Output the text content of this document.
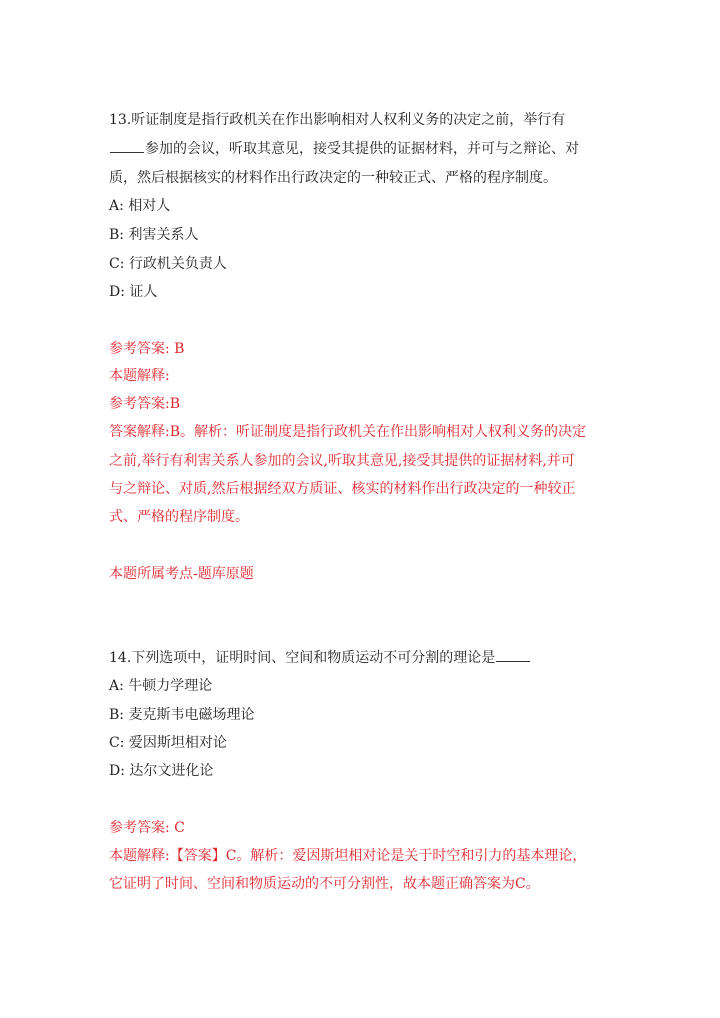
13.听证制度是指行政机关在作出影响相对人权利义务的决定之前，举行有
参加的会议，听取其意见，接受其提供的证据材料，并可与之辩论、对
质，然后根据核实的材料作出行政决定的一种较正式、严格的程序制度。
A: 相对人
B: 利害关系人
C: 行政机关负责人
D: 证人
参考答案: B
本题解释:
参考答案:B
答案解释:B。解析：听证制度是指行政机关在作出影响相对人权利义务的决定
之前,举行有利害关系人参加的会议,听取其意见,接受其提供的证据材料,并可
与之辩论、对质,然后根据经双方质证、核实的材料作出行政决定的一种较正
式、严格的程序制度。
本题所属考点-题库原题
14.下列选项中，证明时间、空间和物质运动不可分割的理论是
A: 牛顿力学理论
B: 麦克斯韦电磁场理论
C: 爱因斯坦相对论
D: 达尔文进化论
参考答案: C
本题解释:【答案】C。解析：爱因斯坦相对论是关于时空和引力的基本理论，
它证明了时间、空间和物质运动的不可分割性，故本题正确答案为C。
